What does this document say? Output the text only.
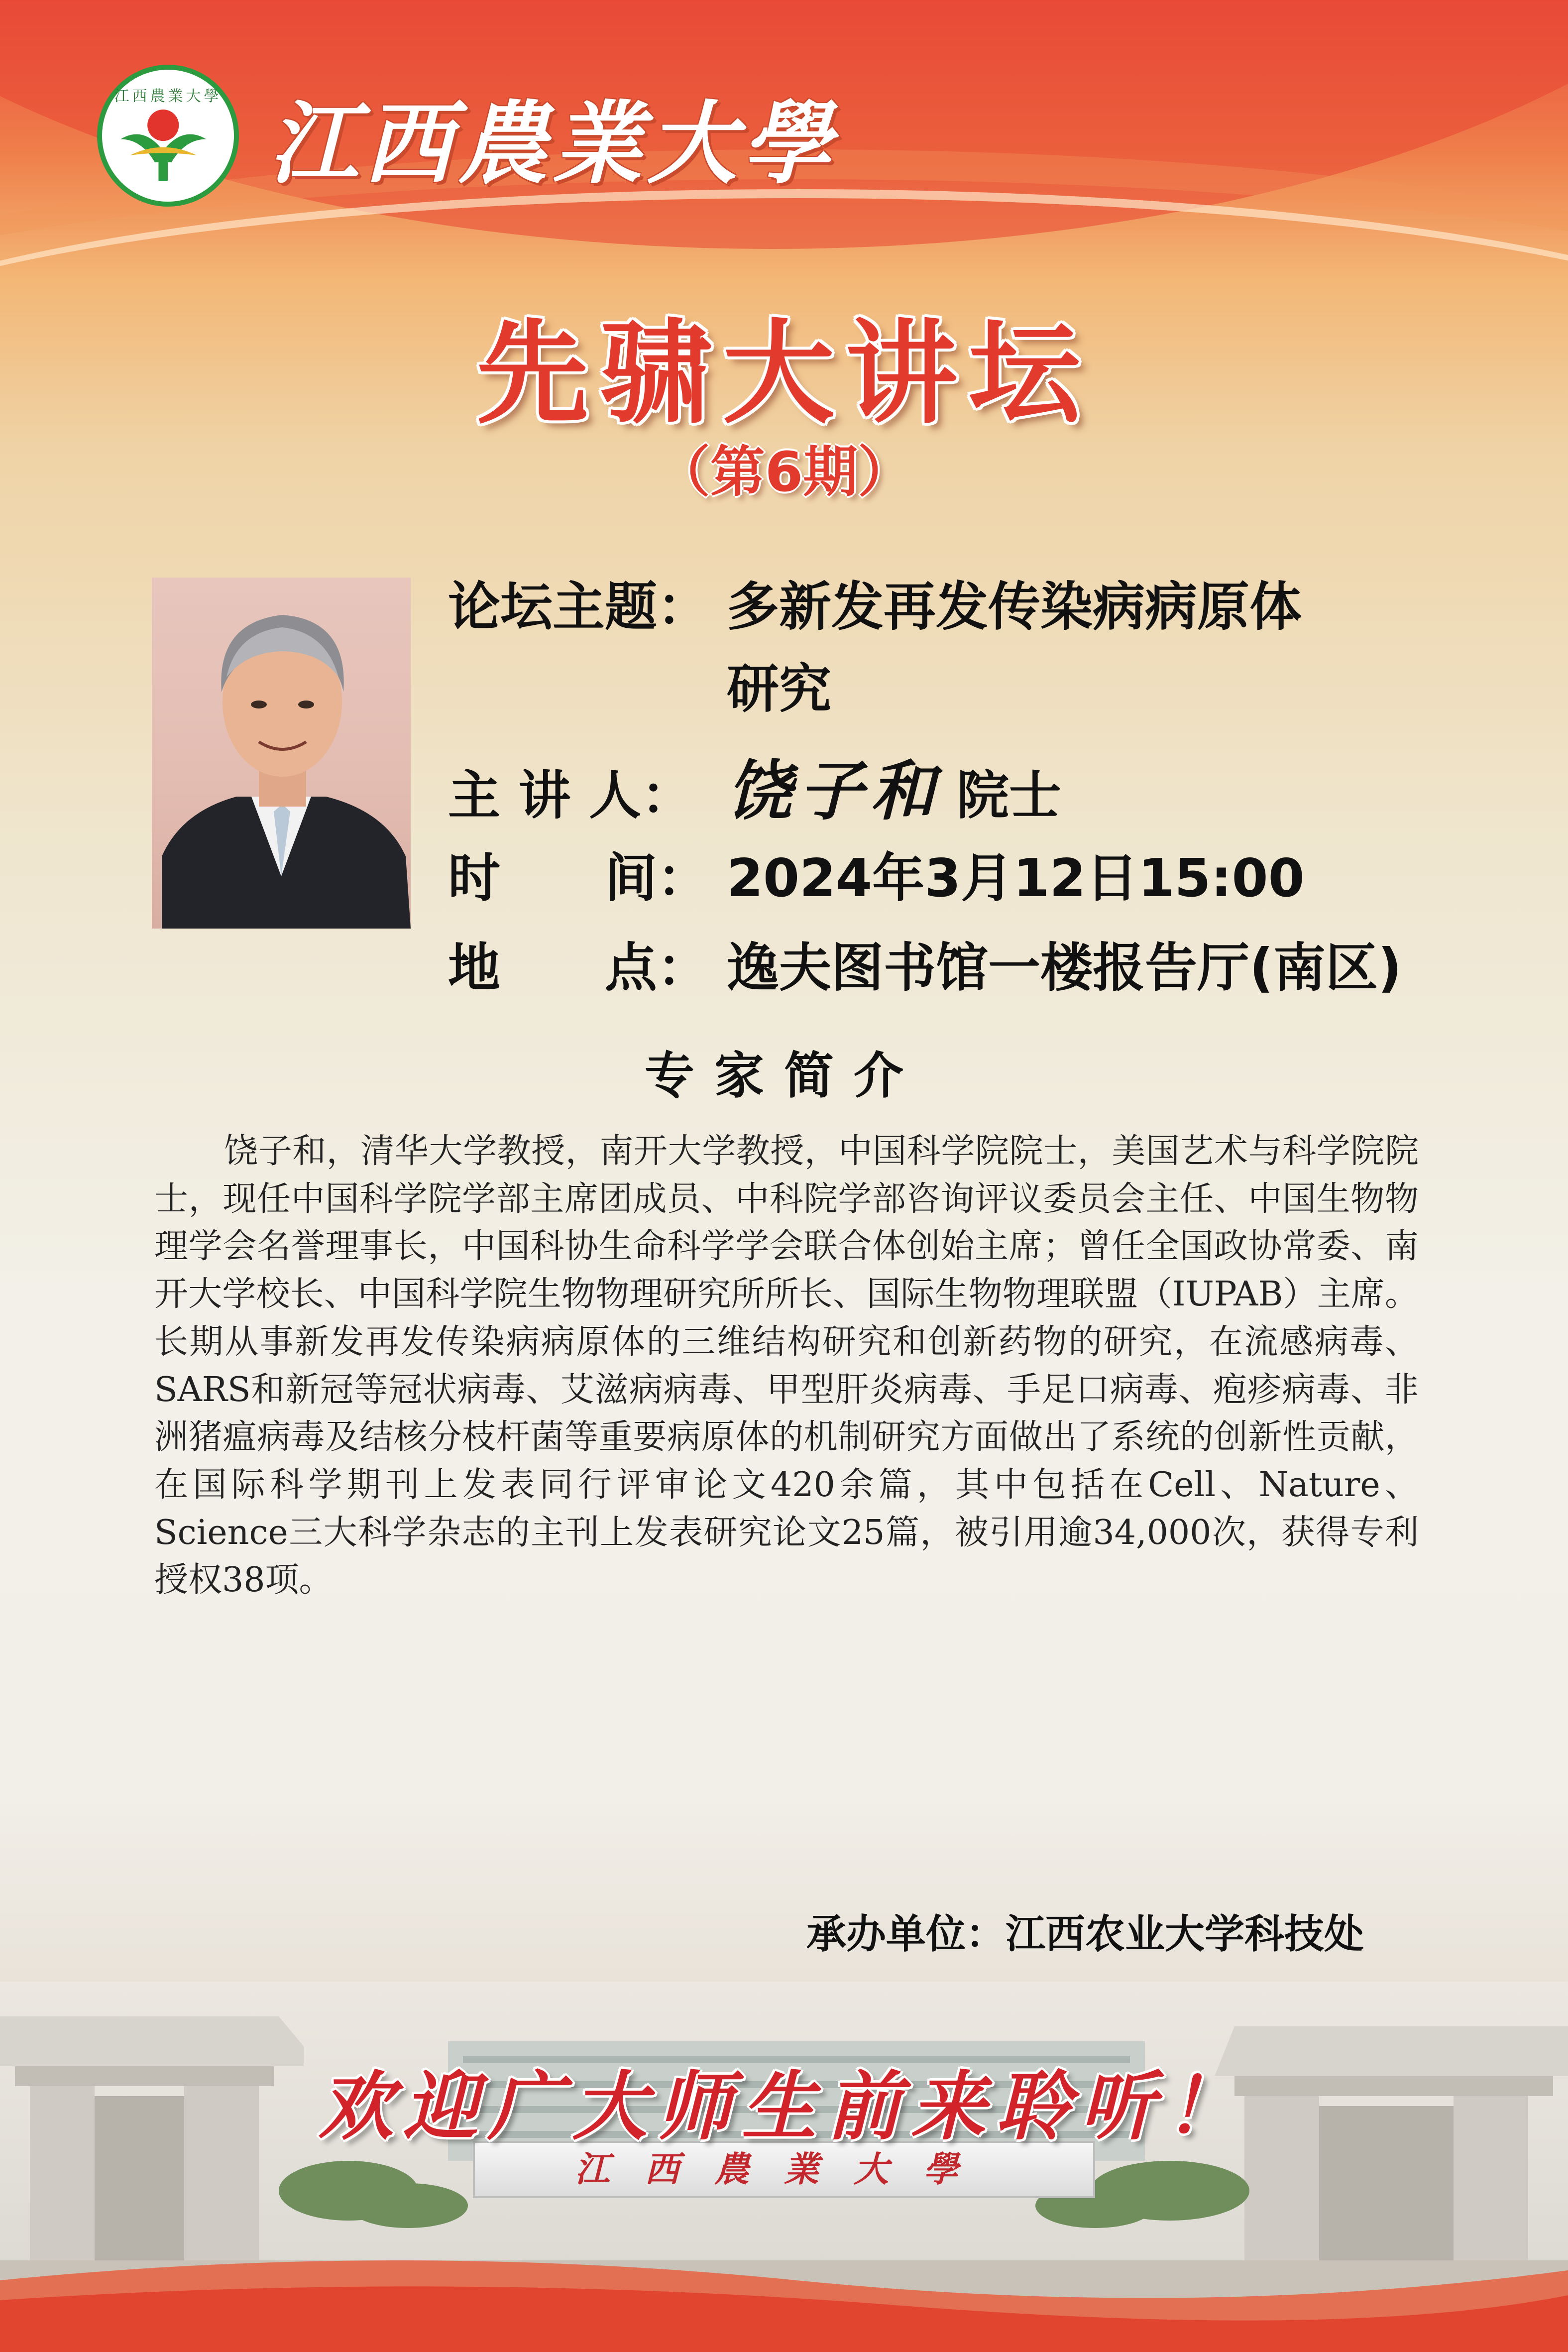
江西農業大學 江西農業大學
先骕大讲坛
（第6期）
论坛主题： 多新发再发传染病病原体
研究
主 讲 人： 饶子和 院士
时　　间： 2024年3月12日15:00
地　　点： 逸夫图书馆一楼报告厅(南区)
专家简介
饶子和，清华大学教授，南开大学教授，中国科学院院士，美国艺术与科学院院士，现任中国科学院学部主席团成员、中科院学部咨询评议委员会主任、中国生物物理学会名誉理事长，中国科协生命科学学会联合体创始主席；曾任全国政协常委、南开大学校长、中国科学院生物物理研究所所长、国际生物物理联盟（IUPAB）主席。长期从事新发再发传染病病原体的三维结构研究和创新药物的研究，在流感病毒、SARS和新冠等冠状病毒、艾滋病病毒、甲型肝炎病毒、手足口病毒、疱疹病毒、非洲猪瘟病毒及结核分枝杆菌等重要病原体的机制研究方面做出了系统的创新性贡献，在国际科学期刊上发表同行评审论文420余篇，其中包括在Cell、Nature、Science三大科学杂志的主刊上发表研究论文25篇，被引用逾34,000次，获得专利授权38项。
承办单位：江西农业大学科技处
江西農業大學
欢迎广大师生前来聆听！
